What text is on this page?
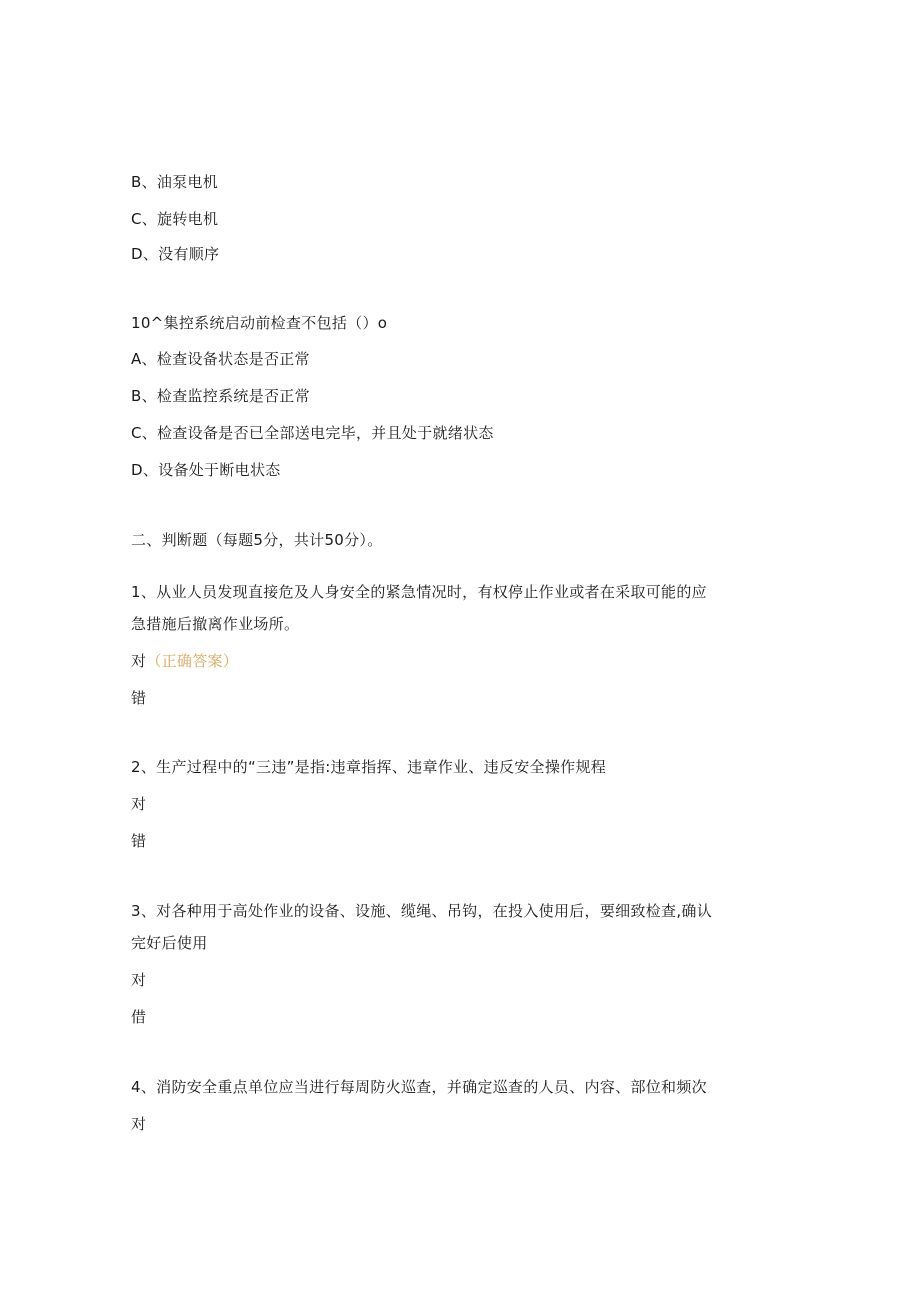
B、油泵电机
C、旋转电机
D、没有顺序
10^集控系统启动前检查不包括（）o
A、检查设备状态是否正常
B、检查监控系统是否正常
C、检查设备是否已全部送电完毕，并且处于就绪状态
D、设备处于断电状态
二、判断题（每题5分，共计50分）。
1、从业人员发现直接危及人身安全的紧急情况时，有权停止作业或者在采取可能的应
急措施后撤离作业场所。
对（正确答案）
错
2、生产过程中的“三违”是指:违章指挥、违章作业、违反安全操作规程
对
错
3、对各种用于高处作业的设备、设施、缆绳、吊钩，在投入使用后，要细致检查,确认
完好后使用
对
借
4、消防安全重点单位应当进行每周防火巡查，并确定巡查的人员、内容、部位和频次
对
